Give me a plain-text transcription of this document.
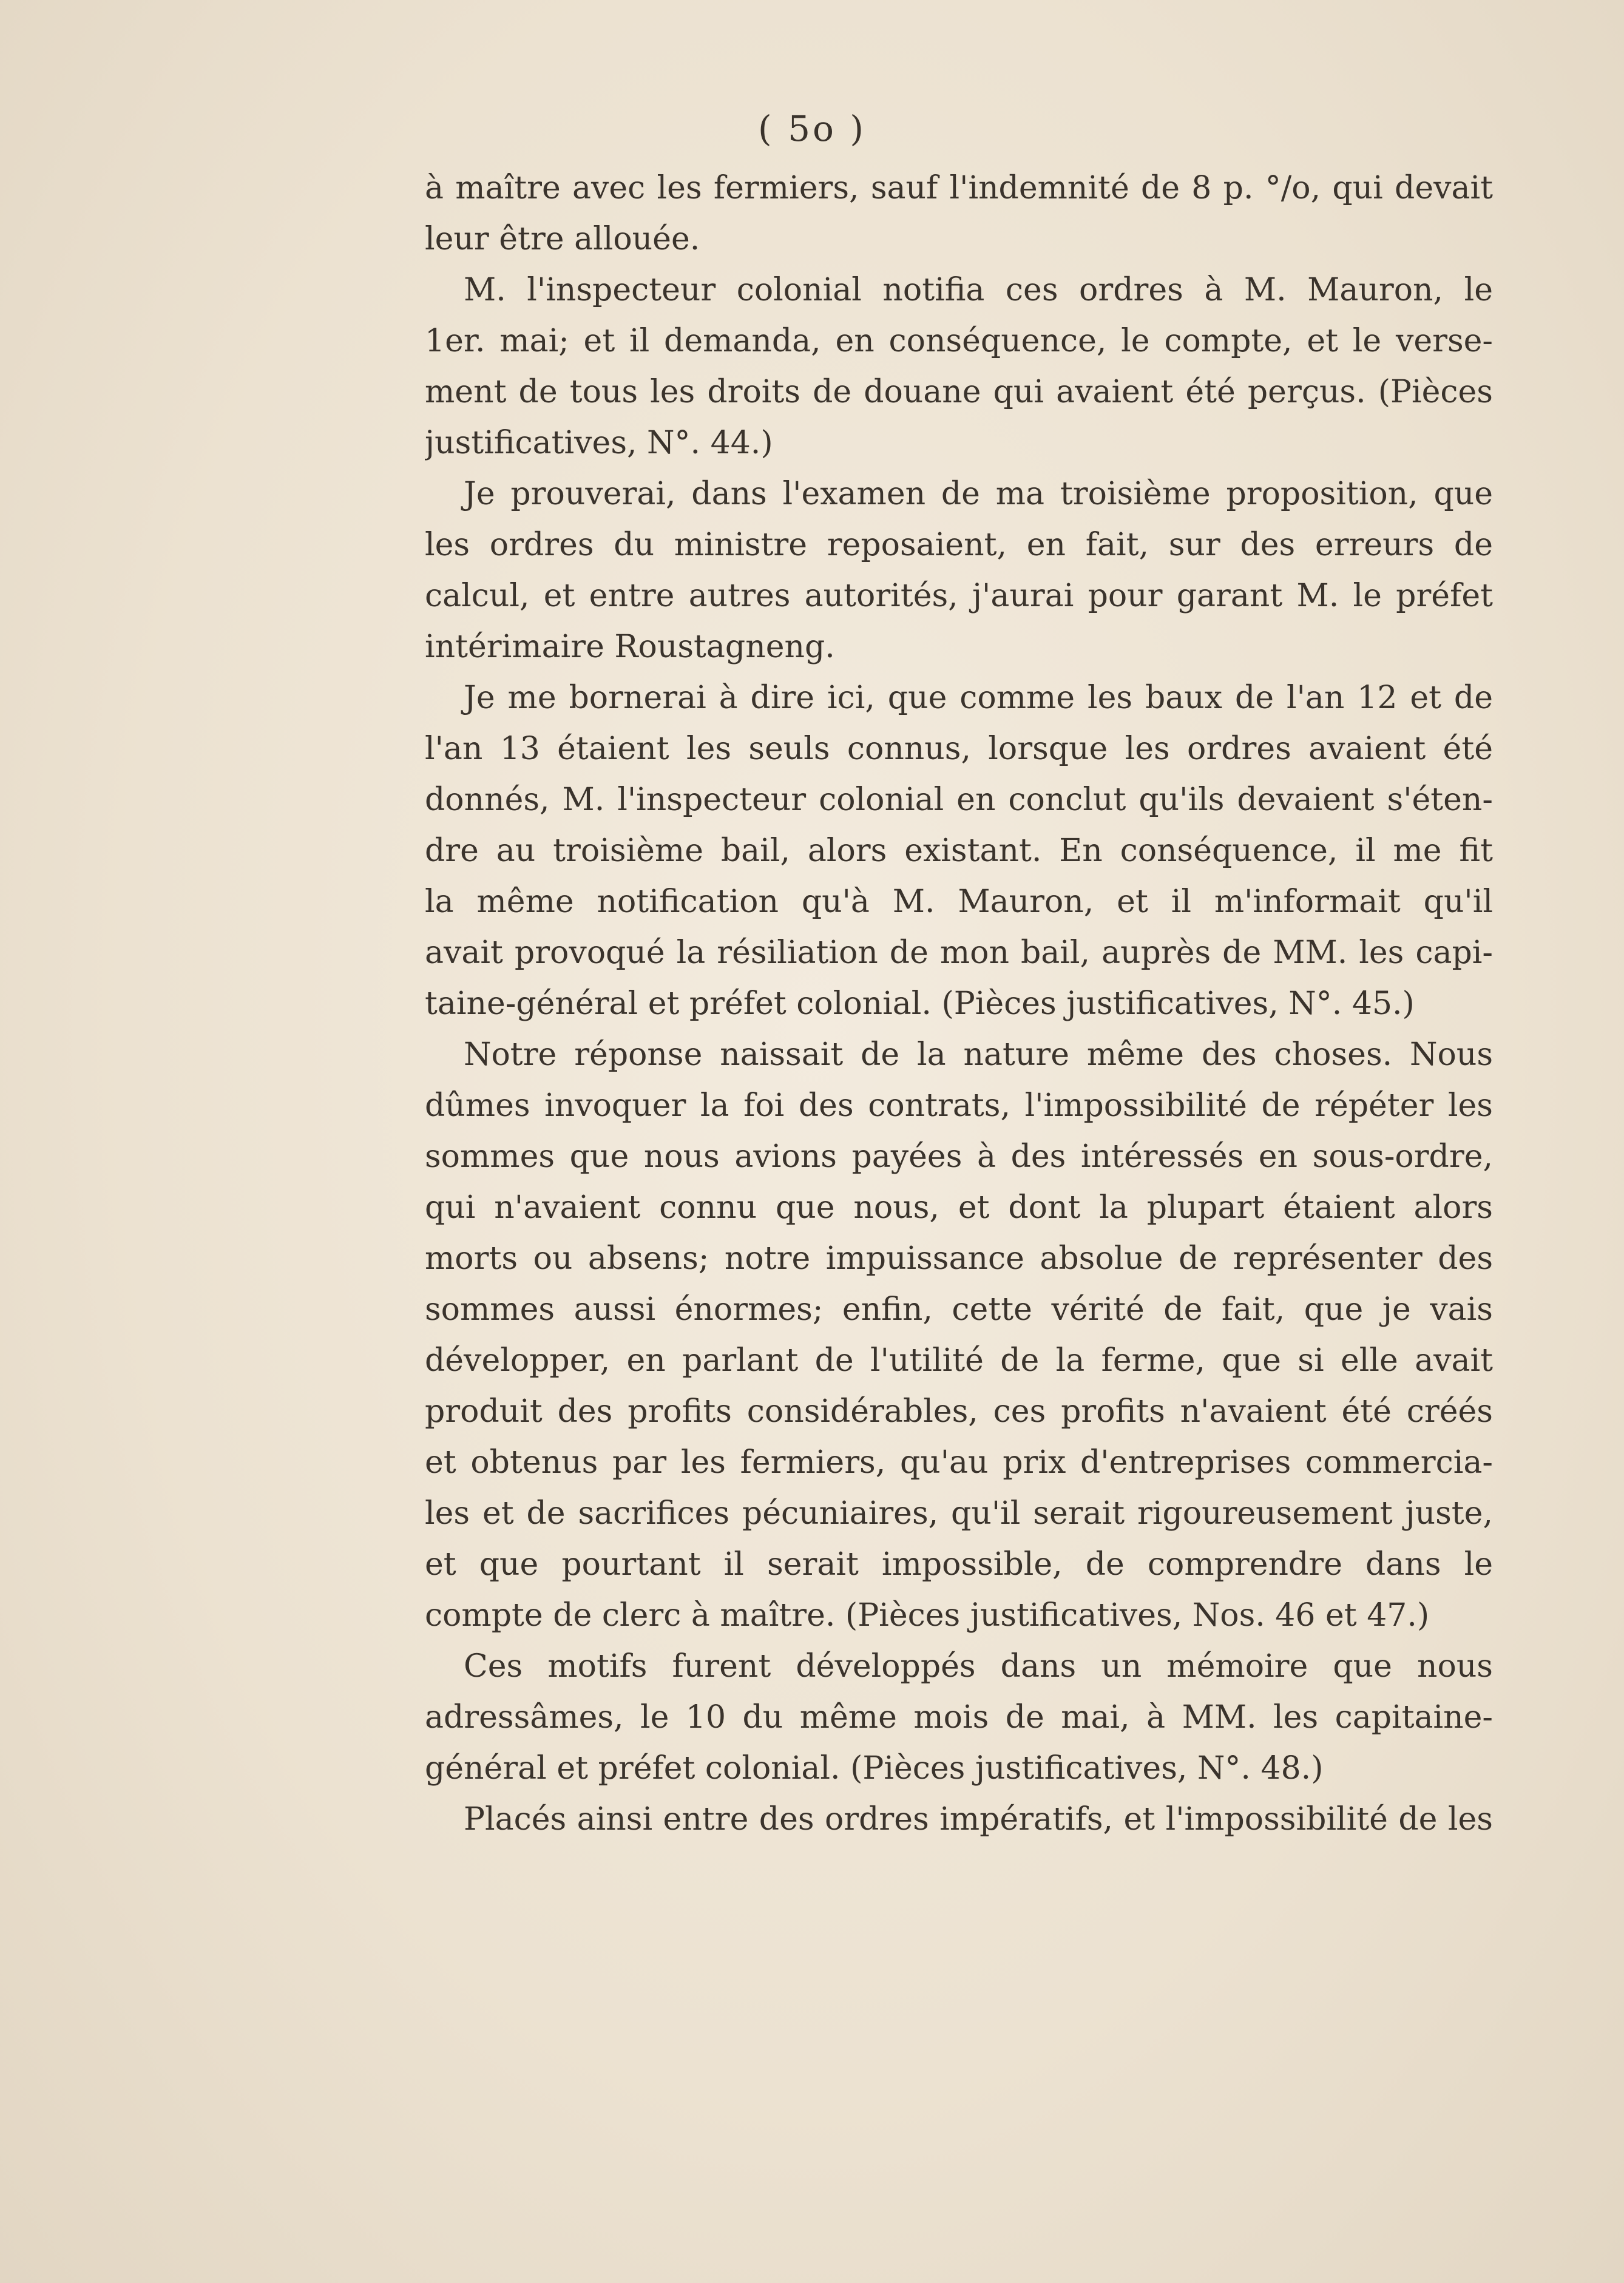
( 5o )
à maître avec les fermiers, sauf l'indemnité de 8 p. °/o, qui devait
leur être allouée.
M. l'inspecteur colonial notifia ces ordres à M. Mauron, le
1er. mai; et il demanda, en conséquence, le compte, et le verse-
ment de tous les droits de douane qui avaient été perçus. (Pièces
justificatives, N°. 44.)
Je prouverai, dans l'examen de ma troisième proposition, que
les ordres du ministre reposaient, en fait, sur des erreurs de
calcul, et entre autres autorités, j'aurai pour garant M. le préfet
intérimaire Roustagneng.
Je me bornerai à dire ici, que comme les baux de l'an 12 et de
l'an 13 étaient les seuls connus, lorsque les ordres avaient été
donnés, M. l'inspecteur colonial en conclut qu'ils devaient s'éten-
dre au troisième bail, alors existant. En conséquence, il me fit
la même notification qu'à M. Mauron, et il m'informait qu'il
avait provoqué la résiliation de mon bail, auprès de MM. les capi-
taine-général et préfet colonial. (Pièces justificatives, N°. 45.)
Notre réponse naissait de la nature même des choses. Nous
dûmes invoquer la foi des contrats, l'impossibilité de répéter les
sommes que nous avions payées à des intéressés en sous-ordre,
qui n'avaient connu que nous, et dont la plupart étaient alors
morts ou absens; notre impuissance absolue de représenter des
sommes aussi énormes; enfin, cette vérité de fait, que je vais
développer, en parlant de l'utilité de la ferme, que si elle avait
produit des profits considérables, ces profits n'avaient été créés
et obtenus par les fermiers, qu'au prix d'entreprises commercia-
les et de sacrifices pécuniaires, qu'il serait rigoureusement juste,
et que pourtant il serait impossible, de comprendre dans le
compte de clerc à maître. (Pièces justificatives, Nos. 46 et 47.)
Ces motifs furent développés dans un mémoire que nous
adressâmes, le 10 du même mois de mai, à MM. les capitaine-
général et préfet colonial. (Pièces justificatives, N°. 48.)
Placés ainsi entre des ordres impératifs, et l'impossibilité de les
